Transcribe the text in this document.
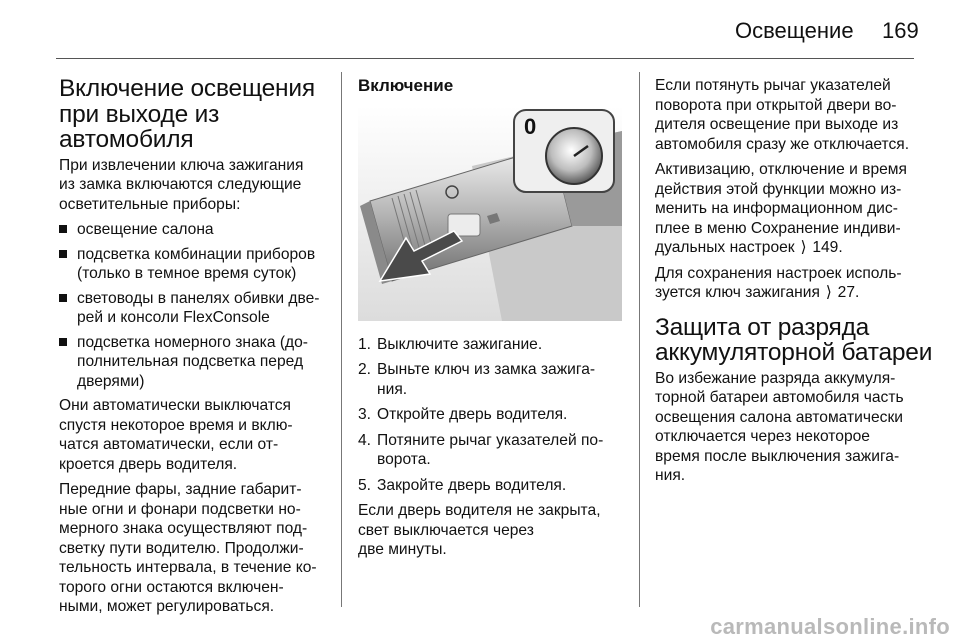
Освещение 169
Включение освещения
при выходе из
автомобиля

При извлечении ключа зажигания
из замка включаются следующие
осветительные приборы:

освещение салона
подсветка комбинации приборов
(только в темное время суток)
световоды в панелях обивки две-
рей и консоли FlexConsole
подсветка номерного знака (до-
полнительная подсветка перед
дверями)

Они автоматически выключатся
спустя некоторое время и вклю-
чатся автоматически, если от-
кроется дверь водителя.

Передние фары, задние габарит-
ные огни и фонари подсветки но-
мерного знака осуществляют под-
светку пути водителю. Продолжи-
тельность интервала, в течение ко-
торого огни остаются включен-
ными, может регулироваться.

Включение
0
1. Выключите зажигание.
2. Выньте ключ из замка зажига-
ния.
3. Откройте дверь водителя.
4. Потяните рычаг указателей по-
ворота.
5. Закройте дверь водителя.

Если дверь водителя не закрыта,
свет выключается через
две минуты.

Если потянуть рычаг указателей
поворота при открытой двери во-
дителя освещение при выходе из
автомобиля сразу же отключается.

Активизацию, отключение и время
действия этой функции можно из-
менить на информационном дис-
плее в меню Сохранение индиви-
дуальных настроек ⟩ 149.

Для сохранения настроек исполь-
зуется ключ зажигания ⟩ 27.

Защита от разряда
аккумуляторной батареи

Во избежание разряда аккумуля-
торной батареи автомобиля часть
освещения салона автоматически
отключается через некоторое
время после выключения зажига-
ния.

carmanualsonline.info
